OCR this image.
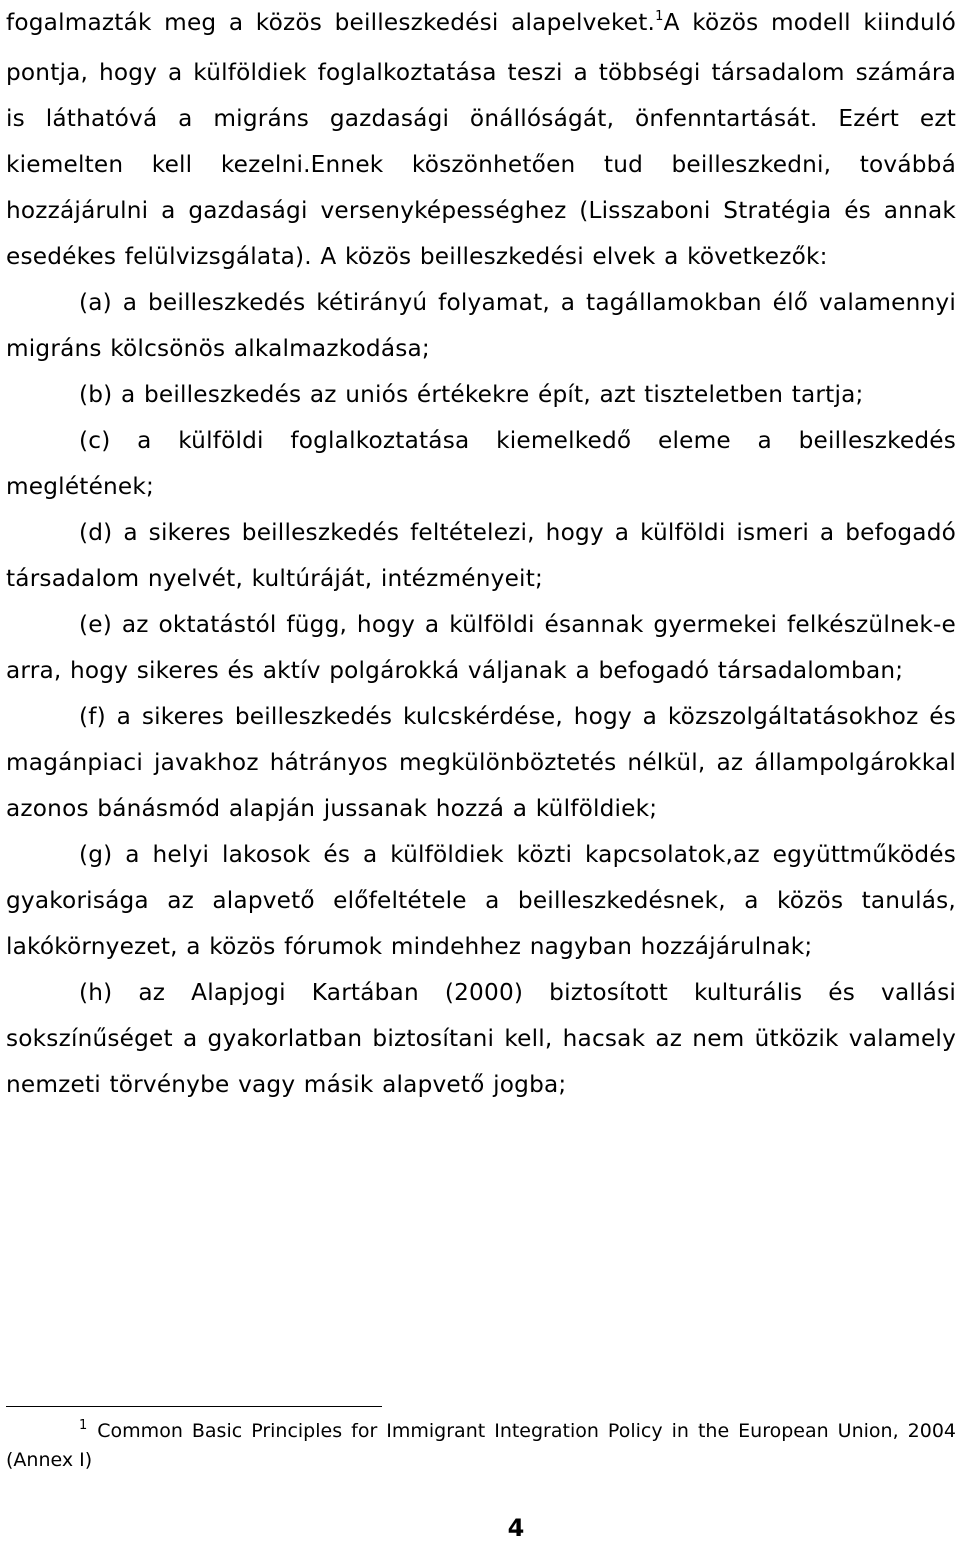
fogalmazták meg a közös beilleszkedési alapelveket.$^1$A közös modell kiinduló pontja, hogy a külföldiek foglalkoztatása teszi a többségi társadalom számára is láthatóvá a migráns gazdasági önállóságát, önfenntartását. Ezért ezt kiemelten kell kezelni.Ennek köszönhetően tud beilleszkedni, továbbá hozzájárulni a gazdasági versenyképességhez (Lisszaboni Stratégia és annak esedékes felülvizsgálata). A közös beilleszkedési elvek a következők:

(a) a beilleszkedés kétirányú folyamat, a tagállamokban élő valamennyi migráns kölcsönös alkalmazkodása;

(b) a beilleszkedés az uniós értékekre épít, azt tiszteletben tartja;

(c) a külföldi foglalkoztatása kiemelkedő eleme a beilleszkedés meglétének;

(d) a sikeres beilleszkedés feltételezi, hogy a külföldi ismeri a befogadó társadalom nyelvét, kultúráját, intézményeit;

(e) az oktatástól függ, hogy a külföldi ésannak gyermekei felkészülnek-e arra, hogy sikeres és aktív polgárokká váljanak a befogadó társadalomban;

(f) a sikeres beilleszkedés kulcskérdése, hogy a közszolgáltatásokhoz és magánpiaci javakhoz hátrányos megkülönböztetés nélkül, az állampolgárokkal azonos bánásmód alapján jussanak hozzá a külföldiek;

(g) a helyi lakosok és a külföldiek közti kapcsolatok,az együttműködés gyakorisága az alapvető előfeltétele a beilleszkedésnek, a közös tanulás, lakókörnyezet, a közös fórumok mindehhez nagyban hozzájárulnak;

(h) az Alapjogi Kartában (2000) biztosított kulturális és vallási sokszínűséget a gyakorlatban biztosítani kell, hacsak az nem ütközik valamely nemzeti törvénybe vagy másik alapvető jogba;

$^1$ Common Basic Principles for Immigrant Integration Policy in the European Union, 2004 (Annex I)

4
